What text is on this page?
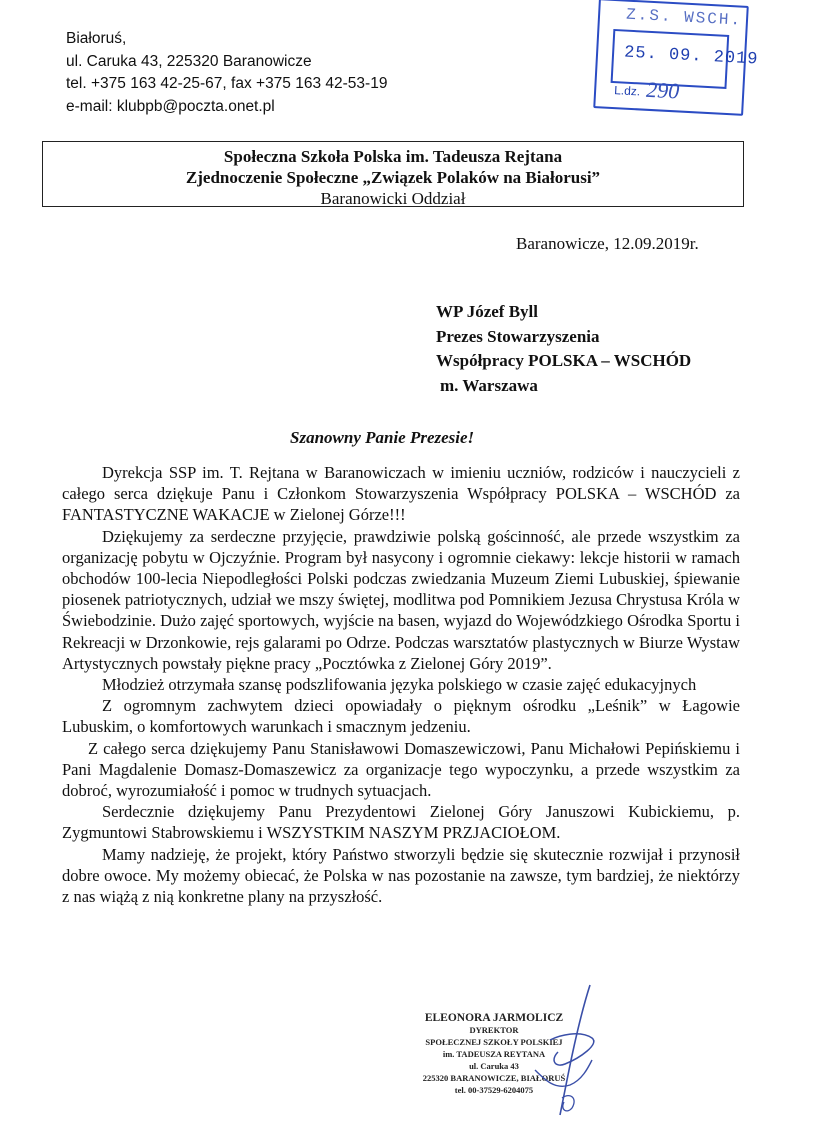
Białoruś,
ul. Caruka 43, 225320 Baranowicze
tel. +375 163 42-25-67, fax +375 163 42-53-19
e-mail: klubpb@poczta.onet.pl
Z.S. WSCH.
25. 09. 2019
L.dz. 290
Społeczna Szkoła Polska im. Tadeusza Rejtana
Zjednoczenie Społeczne „Związek Polaków na Białorusi”
Baranowicki Oddział
Baranowicze, 12.09.2019r.
WP Józef Byll
Prezes Stowarzyszenia
Współpracy POLSKA – WSCHÓD
m. Warszawa
Szanowny Panie Prezesie!

Dyrekcja SSP im. T. Rejtana w Baranowiczach w imieniu uczniów, rodziców i nauczycieli z całego serca dziękuje Panu i Członkom Stowarzyszenia Współpracy POLSKA – WSCHÓD za FANTASTYCZNE WAKACJE w Zielonej Górze!!!

Dziękujemy za serdeczne przyjęcie, prawdziwie polską gościnność, ale przede wszystkim za organizację pobytu w Ojczyźnie. Program był nasycony i ogromnie ciekawy: lekcje historii w ramach obchodów 100-lecia Niepodległości Polski podczas zwiedzania Muzeum Ziemi Lubuskiej, śpiewanie piosenek patriotycznych, udział we mszy świętej, modlitwa pod Pomnikiem Jezusa Chrystusa Króla w Świebodzinie. Dużo zajęć sportowych, wyjście na basen, wyjazd do Wojewódzkiego Ośrodka Sportu i Rekreacji w Drzonkowie, rejs galarami po Odrze. Podczas warsztatów plastycznych w Biurze Wystaw Artystycznych powstały piękne pracy „Pocztówka z Zielonej Góry 2019”.

Młodzież otrzymała szansę podszlifowania języka polskiego w czasie zajęć edukacyjnych

Z ogromnym zachwytem dzieci opowiadały o pięknym ośrodku „Leśnik” w Łagowie Lubuskim, o komfortowych warunkach i smacznym jedzeniu.

Z całego serca dziękujemy Panu Stanisławowi Domaszewiczowi, Panu Michałowi Pepińskiemu i Pani Magdalenie Domasz-Domaszewicz za organizacje tego wypoczynku, a przede wszystkim za dobroć, wyrozumiałość i pomoc w trudnych sytuacjach.

Serdecznie dziękujemy Panu Prezydentowi Zielonej Góry Januszowi Kubickiemu, p. Zygmuntowi Stabrowskiemu i WSZYSTKIM NASZYM PRZJACIOŁOM.

Mamy nadzieję, że projekt, który Państwo stworzyli będzie się skutecznie rozwijał i przynosił dobre owoce. My możemy obiecać, że Polska w nas pozostanie na zawsze, tym bardziej, że niektórzy z nas wiążą z nią konkretne plany na przyszłość.

ELEONORA JARMOLICZ
DYREKTOR
SPOŁECZNEJ SZKOŁY POLSKIEJ
im. TADEUSZA REYTANA
ul. Caruka 43
225320 BARANOWICZE, BIAŁORUŚ
tel. 00-37529-6204075
